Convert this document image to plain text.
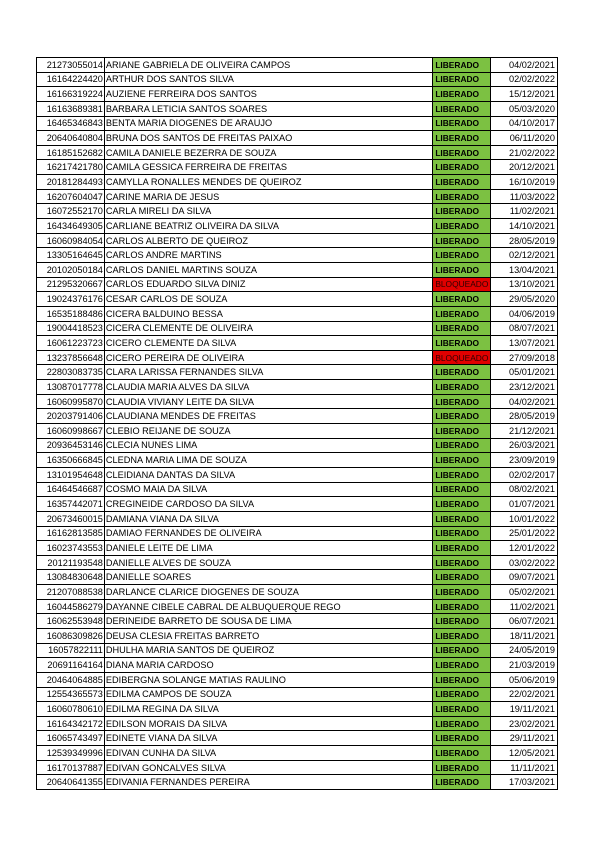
21273055014	ARIANE GABRIELA DE OLIVEIRA CAMPOS	LIBERADO	04/02/2021
16164224420	ARTHUR DOS SANTOS SILVA	LIBERADO	02/02/2022
16166319224	AUZIENE FERREIRA DOS SANTOS	LIBERADO	15/12/2021
16163689381	BARBARA LETICIA SANTOS SOARES	LIBERADO	05/03/2020
16465346843	BENTA MARIA DIOGENES DE ARAUJO	LIBERADO	04/10/2017
20640640804	BRUNA DOS SANTOS DE FREITAS PAIXAO	LIBERADO	06/11/2020
16185152682	CAMILA DANIELE BEZERRA DE SOUZA	LIBERADO	21/02/2022
16217421780	CAMILA GESSICA FERREIRA DE FREITAS	LIBERADO	20/12/2021
20181284493	CAMYLLA RONALLES MENDES DE QUEIROZ	LIBERADO	16/10/2019
16207604047	CARINE MARIA DE JESUS	LIBERADO	11/03/2022
16072552170	CARLA MIRELI DA SILVA	LIBERADO	11/02/2021
16434649305	CARLIANE BEATRIZ OLIVEIRA DA SILVA	LIBERADO	14/10/2021
16060984054	CARLOS ALBERTO DE QUEIROZ	LIBERADO	28/05/2019
13305164645	CARLOS ANDRE MARTINS	LIBERADO	02/12/2021
20102050184	CARLOS DANIEL MARTINS SOUZA	LIBERADO	13/04/2021
21295320667	CARLOS EDUARDO SILVA DINIZ	BLOQUEADO	13/10/2021
19024376176	CESAR CARLOS DE SOUZA	LIBERADO	29/05/2020
16535188486	CICERA BALDUINO BESSA	LIBERADO	04/06/2019
19004418523	CICERA CLEMENTE DE OLIVEIRA	LIBERADO	08/07/2021
16061223723	CICERO CLEMENTE DA SILVA	LIBERADO	13/07/2021
13237856648	CICERO PEREIRA DE OLIVEIRA	BLOQUEADO	27/09/2018
22803083735	CLARA LARISSA FERNANDES SILVA	LIBERADO	05/01/2021
13087017778	CLAUDIA MARIA ALVES DA SILVA	LIBERADO	23/12/2021
16060995870	CLAUDIA VIVIANY LEITE DA SILVA	LIBERADO	04/02/2021
20203791406	CLAUDIANA MENDES DE FREITAS	LIBERADO	28/05/2019
16060998667	CLEBIO REIJANE DE SOUZA	LIBERADO	21/12/2021
20936453146	CLECIA NUNES LIMA	LIBERADO	26/03/2021
16350666845	CLEDNA MARIA LIMA DE SOUZA	LIBERADO	23/09/2019
13101954648	CLEIDIANA DANTAS DA SILVA	LIBERADO	02/02/2017
16464546687	COSMO MAIA DA SILVA	LIBERADO	08/02/2021
16357442071	CREGINEIDE CARDOSO DA SILVA	LIBERADO	01/07/2021
20673460015	DAMIANA VIANA DA SILVA	LIBERADO	10/01/2022
16162813585	DAMIAO FERNANDES DE OLIVEIRA	LIBERADO	25/01/2022
16023743553	DANIELE LEITE DE LIMA	LIBERADO	12/01/2022
20121193548	DANIELLE ALVES DE SOUZA	LIBERADO	03/02/2022
13084830648	DANIELLE SOARES	LIBERADO	09/07/2021
21207088538	DARLANCE CLARICE DIOGENES DE SOUZA	LIBERADO	05/02/2021
16044586279	DAYANNE CIBELE CABRAL DE ALBUQUERQUE REGO	LIBERADO	11/02/2021
16062553948	DERINEIDE BARRETO DE SOUSA DE LIMA	LIBERADO	06/07/2021
16086309826	DEUSA CLESIA FREITAS BARRETO	LIBERADO	18/11/2021
16057822111	DHULHA MARIA SANTOS DE QUEIROZ	LIBERADO	24/05/2019
20691164164	DIANA MARIA CARDOSO	LIBERADO	21/03/2019
20464064885	EDIBERGNA SOLANGE MATIAS RAULINO	LIBERADO	05/06/2019
12554365573	EDILMA CAMPOS DE SOUZA	LIBERADO	22/02/2021
16060780610	EDILMA REGINA DA SILVA	LIBERADO	19/11/2021
16164342172	EDILSON MORAIS DA SILVA	LIBERADO	23/02/2021
16065743497	EDINETE VIANA DA SILVA	LIBERADO	29/11/2021
12539349996	EDIVAN CUNHA DA SILVA	LIBERADO	12/05/2021
16170137887	EDIVAN GONCALVES SILVA	LIBERADO	11/11/2021
20640641355	EDIVANIA FERNANDES PEREIRA	LIBERADO	17/03/2021
